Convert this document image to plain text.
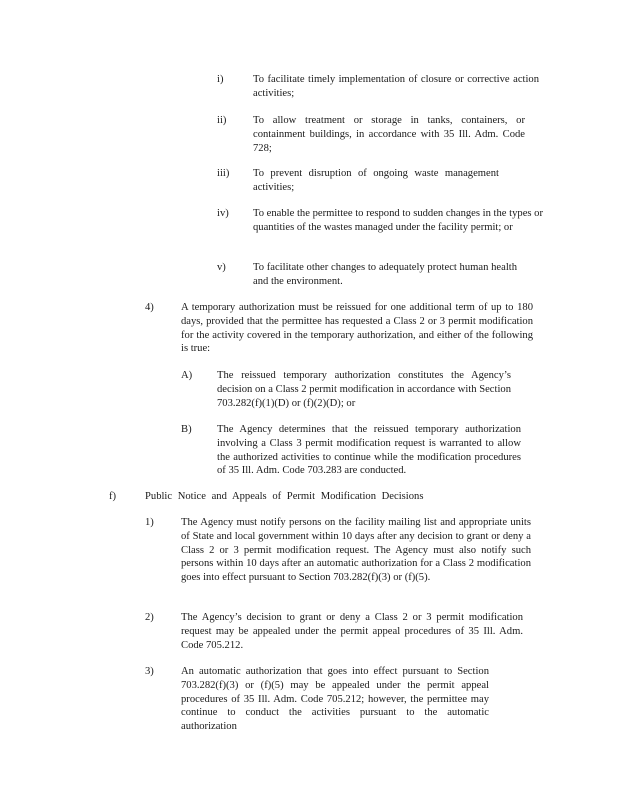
i)	To facilitate timely implementation of closure or corrective action activities;
ii)	To allow treatment or storage in tanks, containers, or containment buildings, in accordance with 35 Ill. Adm. Code 728;
iii) To prevent disruption of ongoing waste management activities;
iv) To enable the permittee to respond to sudden changes in the types or quantities of the wastes managed under the facility permit; or
v)	To facilitate other changes to adequately protect human health and the environment.
4)	A temporary authorization must be reissued for one additional term of up to 180 days, provided that the permittee has requested a Class 2 or 3 permit modification for the activity covered in the temporary authorization, and either of the following is true:
A) The reissued temporary authorization constitutes the Agency’s decision on a Class 2 permit modification in accordance with Section 703.282(f)(1)(D) or (f)(2)(D); or
B) The Agency determines that the reissued temporary authorization involving a Class 3 permit modification request is warranted to allow the authorized activities to continue while the modification procedures of 35 Ill. Adm. Code 703.283 are conducted.
f)	Public Notice and Appeals of Permit Modification Decisions
1)	The Agency must notify persons on the facility mailing list and appropriate units of State and local government within 10 days after any decision to grant or deny a Class 2 or 3 permit modification request. The Agency must also notify such persons within 10 days after an automatic authorization for a Class 2 modification goes into effect pursuant to Section 703.282(f)(3) or (f)(5).
2)	The Agency’s decision to grant or deny a Class 2 or 3 permit modification request may be appealed under the permit appeal procedures of 35 Ill. Adm. Code 705.212.
3)	An automatic authorization that goes into effect pursuant to Section 703.282(f)(3) or (f)(5) may be appealed under the permit appeal procedures of 35 Ill. Adm. Code 705.212; however, the permittee may continue to conduct the activities pursuant to the automatic authorization
